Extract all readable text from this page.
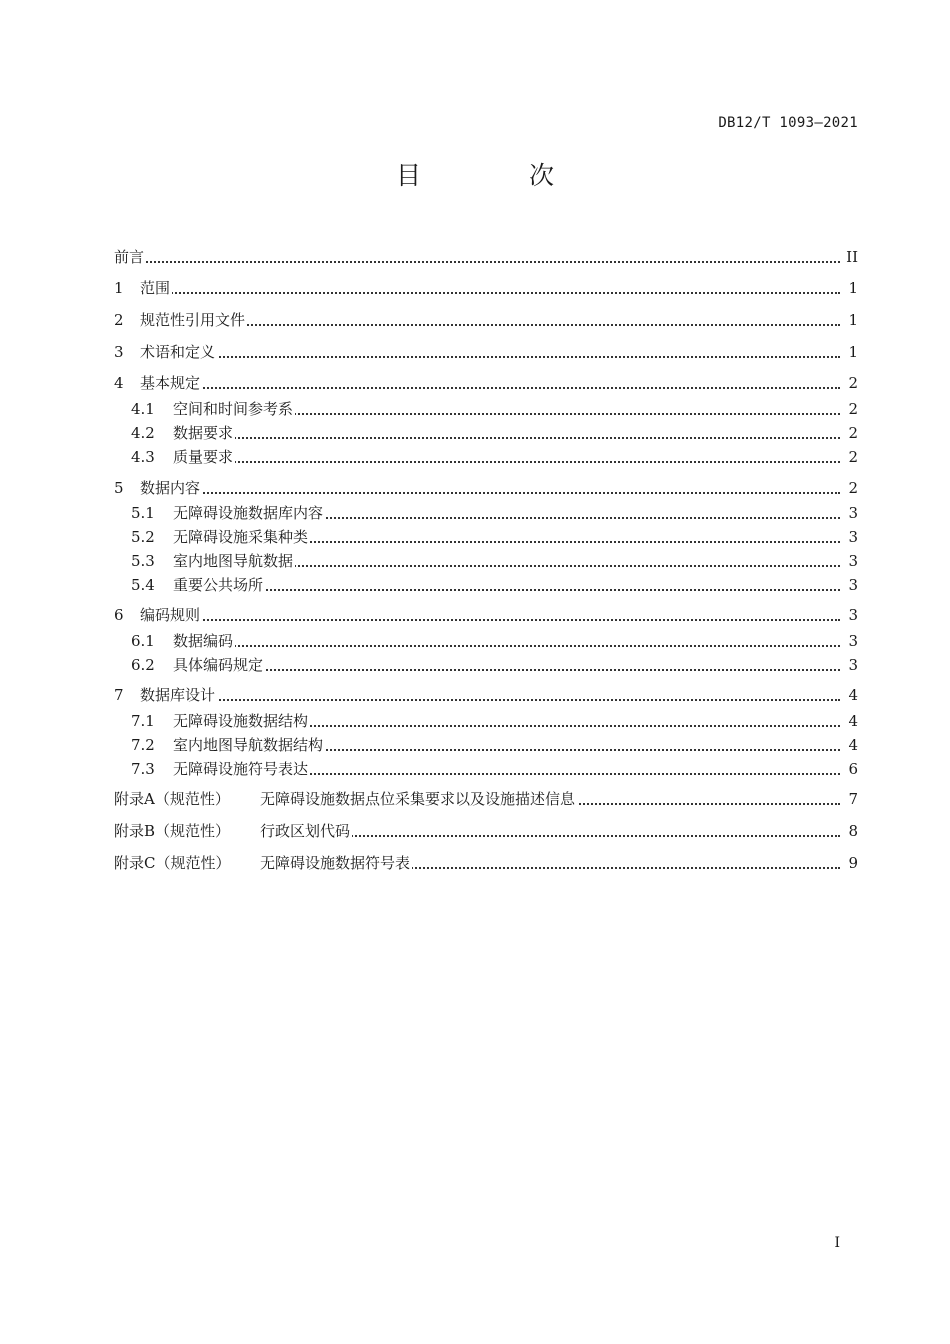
DB12/T 1093—2021
目 次
前言	II
1 范围	1
2 规范性引用文件	1
3 术语和定义	1
4 基本规定	2
4.1 空间和时间参考系	2
4.2 数据要求	2
4.3 质量要求	2
5 数据内容	2
5.1 无障碍设施数据库内容	3
5.2 无障碍设施采集种类	3
5.3 室内地图导航数据	3
5.4 重要公共场所	3
6 编码规则	3
6.1 数据编码	3
6.2 具体编码规定	3
7 数据库设计	4
7.1 无障碍设施数据结构	4
7.2 室内地图导航数据结构	4
7.3 无障碍设施符号表达	6
附录A（规范性） 无障碍设施数据点位采集要求以及设施描述信息	7
附录B（规范性） 行政区划代码	8
附录C（规范性） 无障碍设施数据符号表	9
I
